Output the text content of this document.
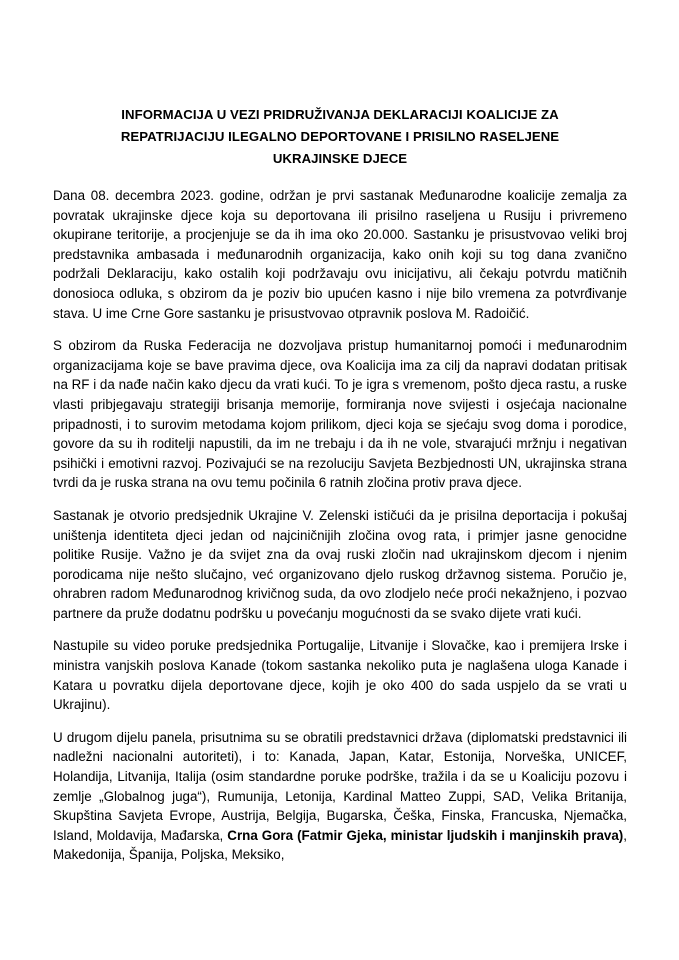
INFORMACIJA U VEZI PRIDRUŽIVANJA DEKLARACIJI KOALICIJE ZA
REPATRIJACIJU ILEGALNO DEPORTOVANE I PRISILNO RASELJENE
UKRAJINSKE DJECE

Dana 08. decembra 2023. godine, održan je prvi sastanak Međunarodne koalicije zemalja za povratak ukrajinske djece koja su deportovana ili prisilno raseljena u Rusiju i privremeno okupirane teritorije, a procjenjuje se da ih ima oko 20.000. Sastanku je prisustvovao veliki broj predstavnika ambasada i međunarodnih organizacija, kako onih koji su tog dana zvanično podržali Deklaraciju, kako ostalih koji podržavaju ovu inicijativu, ali čekaju potvrdu matičnih donosioca odluka, s obzirom da je poziv bio upućen kasno i nije bilo vremena za potvrđivanje stava. U ime Crne Gore sastanku je prisustvovao otpravnik poslova M. Radoičić.

S obzirom da Ruska Federacija ne dozvoljava pristup humanitarnoj pomoći i međunarodnim organizacijama koje se bave pravima djece, ova Koalicija ima za cilj da napravi dodatan pritisak na RF i da nađe način kako djecu da vrati kući. To je igra s vremenom, pošto djeca rastu, a ruske vlasti pribjegavaju strategiji brisanja memorije, formiranja nove svijesti i osjećaja nacionalne pripadnosti, i to surovim metodama kojom prilikom, djeci koja se sjećaju svog doma i porodice, govore da su ih roditelji napustili, da im ne trebaju i da ih ne vole, stvarajući mržnju i negativan psihički i emotivni razvoj. Pozivajući se na rezoluciju Savjeta Bezbjednosti UN, ukrajinska strana tvrdi da je ruska strana na ovu temu počinila 6 ratnih zločina protiv prava djece.

Sastanak je otvorio predsjednik Ukrajine V. Zelenski ističući da je prisilna deportacija i pokušaj uništenja identiteta djeci jedan od najciničnijih zločina ovog rata, i primjer jasne genocidne politike Rusije. Važno je da svijet zna da ovaj ruski zločin nad ukrajinskom djecom i njenim porodicama nije nešto slučajno, već organizovano djelo ruskog državnog sistema. Poručio je, ohrabren radom Međunarodnog krivičnog suda, da ovo zlodjelo neće proći nekažnjeno, i pozvao partnere da pruže dodatnu podršku u povećanju mogućnosti da se svako dijete vrati kući.

Nastupile su video poruke predsjednika Portugalije, Litvanije i Slovačke, kao i premijera Irske i ministra vanjskih poslova Kanade (tokom sastanka nekoliko puta je naglašena uloga Kanade i Katara u povratku dijela deportovane djece, kojih je oko 400 do sada uspjelo da se vrati u Ukrajinu).

U drugom dijelu panela, prisutnima su se obratili predstavnici država (diplomatski predstavnici ili nadležni nacionalni autoriteti), i to: Kanada, Japan, Katar, Estonija, Norveška, UNICEF, Holandija, Litvanija, Italija (osim standardne poruke podrške, tražila i da se u Koaliciju pozovu i zemlje „Globalnog juga“), Rumunija, Letonija, Kardinal Matteo Zuppi, SAD, Velika Britanija, Skupština Savjeta Evrope, Austrija, Belgija, Bugarska, Češka, Finska, Francuska, Njemačka, Island, Moldavija, Mađarska, Crna Gora (Fatmir Gjeka, ministar ljudskih i manjinskih prava), Makedonija, Španija, Poljska, Meksiko,
